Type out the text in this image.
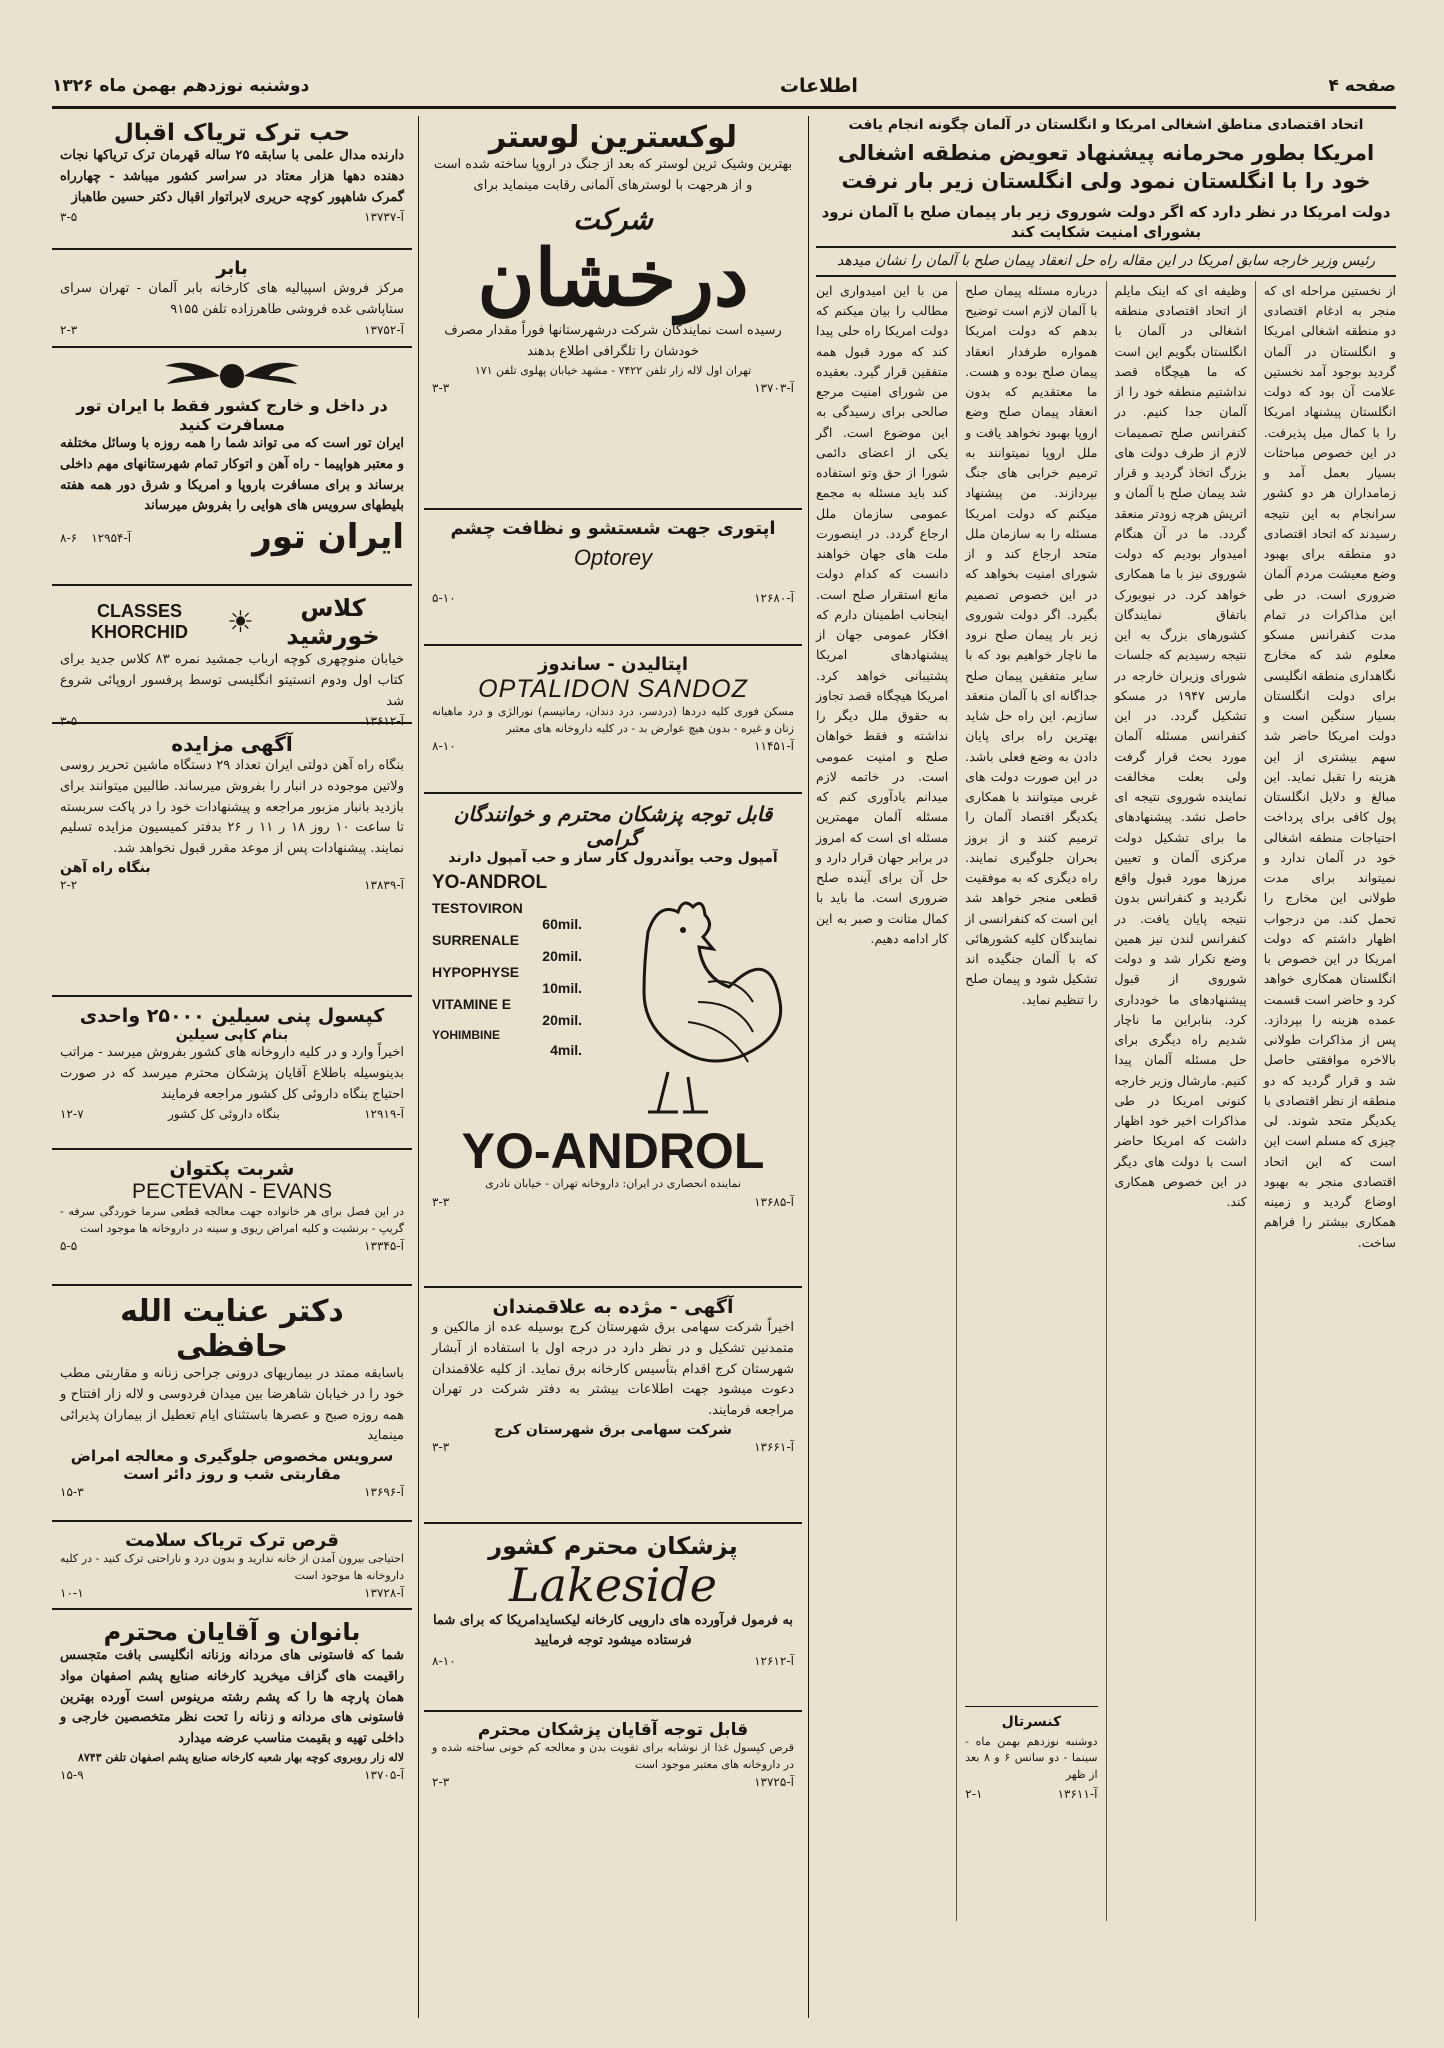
صفحه ۴
اطلاعات
دوشنبه نوزدهم بهمن ماه ۱۳۲۶
اتحاد اقتصادی مناطق اشغالی امریکا و انگلستان در آلمان چگونه انجام یافت
امریکا بطور محرمانه پیشنهاد تعویض منطقه اشغالی خود را با انگلستان نمود ولی انگلستان زیر بار نرفت
دولت امریکا در نظر دارد که اگر دولت شوروی زیر بار پیمان صلح با آلمان نرود بشورای امنیت شکایت کند
رئیس وزیر خارجه سابق امریکا در این مقاله راه حل انعقاد پیمان صلح با آلمان را نشان میدهد
از نخستین مراحله ای که منجر به ادغام اقتصادی دو منطقه اشغالی امریکا و انگلستان در آلمان گردید بوجود آمد نخستین علامت آن بود که دولت انگلستان پیشنهاد امریکا را با کمال میل پذیرفت. در این خصوص مباحثات بسیار بعمل آمد و زمامداران هر دو کشور سرانجام به این نتیجه رسیدند که اتحاد اقتصادی دو منطقه برای بهبود وضع معیشت مردم آلمان ضروری است. در طی این مذاکرات در تمام مدت کنفرانس مسکو معلوم شد که مخارج نگاهداری منطقه انگلیسی برای دولت انگلستان بسیار سنگین است و دولت امریکا حاضر شد سهم بیشتری از این هزینه را تقبل نماید. این مبالغ و دلایل انگلستان پول کافی برای پرداخت احتیاجات منطقه اشغالی خود در آلمان ندارد و نمیتواند برای مدت طولانی این مخارج را تحمل کند. من درجواب اظهار داشتم که دولت امریکا در این خصوص با انگلستان همکاری خواهد کرد و حاضر است قسمت عمده هزینه را بپردازد. پس از مذاکرات طولانی بالاخره موافقتی حاصل شد و قرار گردید که دو منطقه از نظر اقتصادی با یکدیگر متحد شوند. لی چیزی که مسلم است این است که این اتحاد اقتصادی منجر به بهبود اوضاع گردید و زمینه همکاری بیشتر را فراهم ساخت.
وظیفه ای که اینک مایلم از اتحاد اقتصادی منطقه اشغالی در آلمان با انگلستان بگویم این است که ما هیچگاه قصد نداشتیم منطقه خود را از آلمان جدا کنیم. در کنفرانس صلح تصمیمات لازم از طرف دولت های بزرگ اتخاذ گردید و قرار شد پیمان صلح با آلمان و اتریش هرچه زودتر منعقد گردد. ما در آن هنگام امیدوار بودیم که دولت شوروی نیز با ما همکاری خواهد کرد. در نیویورک باتفاق نمایندگان کشورهای بزرگ به این نتیجه رسیدیم که جلسات شورای وزیران خارجه در مارس ۱۹۴۷ در مسکو تشکیل گردد. در این کنفرانس مسئله آلمان مورد بحث قرار گرفت ولی بعلت مخالفت نماینده شوروی نتیجه ای حاصل نشد. پیشنهادهای ما برای تشکیل دولت مرکزی آلمان و تعیین مرزها مورد قبول واقع نگردید و کنفرانس بدون نتیجه پایان یافت. در کنفرانس لندن نیز همین وضع تکرار شد و دولت شوروی از قبول پیشنهادهای ما خودداری کرد. بنابراین ما ناچار شدیم راه دیگری برای حل مسئله آلمان پیدا کنیم. مارشال وزیر خارجه کنونی امریکا در طی مذاکرات اخیر خود اظهار داشت که امریکا حاضر است با دولت های دیگر در این خصوص همکاری کند.
درباره مسئله پیمان صلح با آلمان لازم است توضیح بدهم که دولت امریکا همواره طرفدار انعقاد پیمان صلح بوده و هست. ما معتقدیم که بدون انعقاد پیمان صلح وضع اروپا بهبود نخواهد یافت و ملل اروپا نمیتوانند به ترمیم خرابی های جنگ بپردازند. من پیشنهاد میکنم که دولت امریکا مسئله را به سازمان ملل متحد ارجاع کند و از شورای امنیت بخواهد که در این خصوص تصمیم بگیرد. اگر دولت شوروی زیر بار پیمان صلح نرود ما ناچار خواهیم بود که با سایر متفقین پیمان صلح جداگانه ای با آلمان منعقد سازیم. این راه حل شاید بهترین راه برای پایان دادن به وضع فعلی باشد. در این صورت دولت های غربی میتوانند با همکاری یکدیگر اقتصاد آلمان را ترمیم کنند و از بروز بحران جلوگیری نمایند. راه دیگری که به موفقیت قطعی منجر خواهد شد این است که کنفرانسی از نمایندگان کلیه کشورهائی که با آلمان جنگیده اند تشکیل شود و پیمان صلح را تنظیم نماید.
کنسرتال
دوشنبه نوزدهم بهمن ماه - سینما - دو سانس ۶ و ۸ بعد از ظهر
۲-۱	آ-۱۳۶۱۱
من با این امیدواری این مطالب را بیان میکنم که دولت امریکا راه حلی پیدا کند که مورد قبول همه متفقین قرار گیرد. بعقیده من شورای امنیت مرجع صالحی برای رسیدگی به این موضوع است. اگر یکی از اعضای دائمی شورا از حق وتو استفاده کند باید مسئله به مجمع عمومی سازمان ملل ارجاع گردد. در اینصورت ملت های جهان خواهند دانست که کدام دولت مانع استقرار صلح است. اینجانب اطمینان دارم که افکار عمومی جهان از پیشنهادهای امریکا پشتیبانی خواهد کرد. امریکا هیچگاه قصد تجاوز به حقوق ملل دیگر را نداشته و فقط خواهان صلح و امنیت عمومی است. در خاتمه لازم میدانم یادآوری کنم که مسئله آلمان مهمترین مسئله ای است که امروز در برابر جهان قرار دارد و حل آن برای آینده صلح ضروری است. ما باید با کمال متانت و صبر به این کار ادامه دهیم.
لوکسترین لوستر
بهترین وشیک ترین لوستر که بعد از جنگ در اروپا ساخته شده است و از هرجهت با لوسترهای آلمانی رقابت مینماید برای
شرکت
درخشان
رسیده است نمایندگان شرکت درشهرستانها فوراً مقدار مصرف خودشان را تلگرافی اطلاع بدهند
تهران اول لاله زار تلفن ۷۴۲۲ - مشهد خیابان پهلوی تلفن ۱۷۱
۳-۳	آ-۱۳۷۰۳
اپتوری جهت شستشو و نظافت چشم
Optorey
۵-۱۰	آ-۱۲۶۸۰
اپتالیدن - ساندوز
OPTALIDON SANDOZ
مسکن فوری کلیه دردها (دردسر، درد دندان، رماتیسم) نورالژی و درد ماهیانه زنان و غیره - بدون هیچ عوارض بد - در کلیه داروخانه های معتبر
۸-۱۰	آ-۱۱۴۵۱
قابل توجه پزشکان محترم و خوانندگان گرامی
آمپول وحب یوآندرول کار ساز و حب آمپول دارند
YO-ANDROL
TESTOVIRON
60mil.
SURRENALE
20mil.
HYPOPHYSE
10mil.
VITAMINE E
20mil.
YOHIMBINE
4mil.
YO-ANDROL
نماینده انحصاری در ایران: داروخانه تهران - خیابان نادری
۳-۳	آ-۱۳۶۸۵
آگهی - مژده به علاقمندان
اخیراً شرکت سهامی برق شهرستان کرج بوسیله عده از مالکین و متمدنین تشکیل و در نظر دارد در درجه اول با استفاده از آبشار شهرستان کرج اقدام بتأسیس کارخانه برق نماید. از کلیه علاقمندان دعوت میشود جهت اطلاعات بیشتر به دفتر شرکت در تهران مراجعه فرمایند.
شرکت سهامی برق شهرستان کرج
۳-۳	آ-۱۳۶۶۱
پزشکان محترم کشور
Lakeside
به فرمول فرآورده های دارویی کارخانه لیکسایدامریکا که برای شما فرستاده میشود توجه فرمایید
۸-۱۰	آ-۱۲۶۱۲
قابل توجه آقایان پزشکان محترم
قرص کپسول غذا از نوشابه برای تقویت بدن و معالجه کم خونی ساخته شده و در داروخانه های معتبر موجود است
۲-۳	آ-۱۳۷۲۵
حب ترک تریاک اقبال
دارنده مدال علمی با سابقه ۲۵ ساله قهرمان ترک تریاکها نجات دهنده دهها هزار معتاد در سراسر کشور میباشد - چهارراه گمرک شاهپور کوچه حریری لابراتوار اقبال دکتر حسین طاهباز
۳-۵	آ-۱۳۷۳۷
بابر
مرکز فروش اسپیالیه های کارخانه بابر آلمان - تهران سرای ستاپاشی غده فروشی طاهرزاده تلفن ۹۱۵۵
۲-۳	آ-۱۳۷۵۲
در داخل و خارج کشور فقط با ایران تور مسافرت کنید
ایران تور است که می تواند شما را همه روزه با وسائل مختلفه و معتبر هواپیما - راه آهن و اتوکار تمام شهرستانهای مهم داخلی برساند و برای مسافرت باروپا و امریکا و شرق دور همه هفته بلیطهای سرویس های هوایی را بفروش میرساند
ایران تور
۸-۶ آ-۱۲۹۵۴
CLASSES KHORCHID	☀	کلاس خورشید
خیابان منوچهری کوچه ارباب جمشید نمره ۸۳ کلاس جدید برای کتاب اول ودوم انستیتو انگلیسی توسط پرفسور اروپائی شروع شد
۳-۵	آ-۱۳۶۱۲
آگهی مزایده
بنگاه راه آهن دولتی ایران تعداد ۲۹ دستگاه ماشین تحریر روسی ولاتین موجوده در انبار را بفروش میرساند. طالبین میتوانند برای بازدید بانبار مزبور مراجعه و پیشنهادات خود را در پاکت سربسته تا ساعت ۱۰ روز ۱۸ ر ۱۱ ر ۲۶ بدفتر کمیسیون مزایده تسلیم نمایند. پیشنهادات پس از موعد مقرر قبول نخواهد شد.
بنگاه راه آهن
۲-۲	آ-۱۳۸۳۹
کپسول پنی سیلین ۲۵۰۰۰ واحدی
بنام کاپی سیلین
اخیراً وارد و در کلیه داروخانه های کشور بفروش میرسد - مراتب بدینوسیله باطلاع آقایان پزشکان محترم میرسد که در صورت احتیاج بنگاه داروئی کل کشور مراجعه فرمایند
۱۲-۷	بنگاه داروئی کل کشور	آ-۱۲۹۱۹
شربت پکتوان
PECTEVAN - EVANS
در این فصل برای هر خانواده جهت معالجه قطعی سرما خوردگی سرفه - گریپ - برنشیت و کلیه امراض ریوی و سینه در داروخانه ها موجود است
۵-۵	آ-۱۳۳۴۵
دکتر عنایت الله حافظی
باسابقه ممتد در بیماریهای درونی جراحی زنانه و مقاربتی مطب خود را در خیابان شاهرضا بین میدان فردوسی و لاله زار افتتاح و همه روزه صبح و عصرها باستثنای ایام تعطیل از بیماران پذیرائی مینماید
سرویس مخصوص جلوگیری و معالجه امراض مقاربتی شب و روز دائر است
۱۵-۳	آ-۱۳۶۹۶
قرص ترک تریاک سلامت
احتیاجی بیرون آمدن از خانه ندارید و بدون درد و ناراحتی ترک کنید - در کلیه داروخانه ها موجود است
۱۰-۱	آ-۱۳۷۲۸
بانوان و آقایان محترم
شما که فاستونی های مردانه وزنانه انگلیسی بافت متجسس راقیمت های گزاف میخرید کارخانه صنایع پشم اصفهان مواد همان پارچه ها را که پشم رشته مرینوس است آورده بهترین فاستونی های مردانه و زنانه را تحت نظر متخصصین خارجی و داخلی تهیه و بقیمت مناسب عرضه میدارد
لاله زار روبروی کوچه بهار شعبه کارخانه صنایع پشم اصفهان تلفن ۸۷۴۳
۱۵-۹	آ-۱۳۷۰۵
